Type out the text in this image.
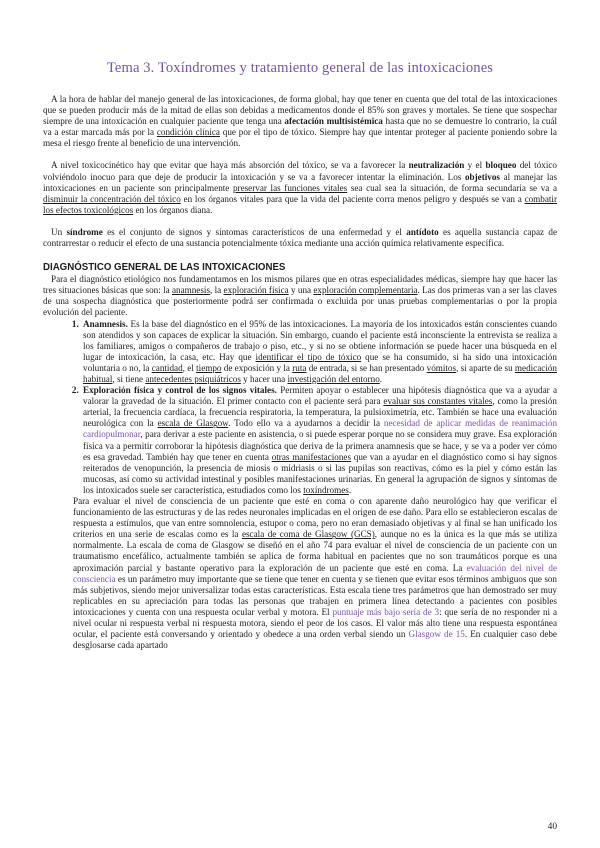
Tema 3. Toxíndromes y tratamiento general de las intoxicaciones

A la hora de hablar del manejo general de las intoxicaciones, de forma global, hay que tener en cuenta que del total de las intoxicaciones que se pueden producir más de la mitad de ellas son debidas a medicamentos donde el 85% son graves y mortales. Se tiene que sospechar siempre de una intoxicación en cualquier paciente que tenga una afectación multisistémica hasta que no se demuestre lo contrario, la cuál va a estar marcada más por la condición clínica que por el tipo de tóxico. Siempre hay que intentar proteger al paciente poniendo sobre la mesa el riesgo frente al beneficio de una intervención.

A nivel toxicocinético hay que evitar que haya más absorción del tóxico, se va a favorecer la neutralización y el bloqueo del tóxico volviéndolo inocuo para que deje de producir la intoxicación y se va a favorecer intentar la eliminación. Los objetivos al manejar las intoxicaciones en un paciente son principalmente preservar las funciones vitales sea cual sea la situación, de forma secundaria se va a disminuir la concentración del tóxico en los órganos vitales para que la vida del paciente corra menos peligro y después se van a combatir los efectos toxicológicos en los órganos diana.

Un síndrome es el conjunto de signos y síntomas característicos de una enfermedad y el antídoto es aquella sustancia capaz de contrarrestar o reducir el efecto de una sustancia potencialmente tóxica mediante una acción química relativamente específica.

DIAGNÓSTICO GENERAL DE LAS INTOXICACIONES

Para el diagnóstico etiológico nos fundamentamos en los mismos pilares que en otras especialidades médicas, siempre hay que hacer las tres situaciones básicas que son: la anamnesis, la exploración física y una exploración complementaria. Las dos primeras van a ser las claves de una sospecha diagnóstica que posteriormente podrá ser confirmada o excluida por unas pruebas complementarias o por la propia evolución del paciente.

1. Anamnesis. Es la base del diagnóstico en el 95% de las intoxicaciones. La mayoría de los intoxicados están conscientes cuando son atendidos y son capaces de explicar la situación. Sin embargo, cuando el paciente está inconsciente la entrevista se realiza a los familiares, amigos o compañeros de trabajo o piso, etc., y si no se obtiene información se puede hacer una búsqueda en el lugar de intoxicación, la casa, etc. Hay que identificar el tipo de tóxico que se ha consumido, si ha sido una intoxicación voluntaria o no, la cantidad, el tiempo de exposición y la ruta de entrada, si se han presentado vómitos, si aparte de su medicación habitual, si tiene antecedentes psiquiátricos y hacer una investigación del entorno.
2. Exploración física y control de los signos vitales. Permiten apoyar o establecer una hipótesis diagnóstica que va a ayudar a valorar la gravedad de la situación. El primer contacto con el paciente será para evaluar sus constantes vitales, como la presión arterial, la frecuencia cardíaca, la frecuencia respiratoria, la temperatura, la pulsioximetría, etc. También se hace una evaluación neurológica con la escala de Glasgow. Todo ello va a ayudarnos a decidir la necesidad de aplicar medidas de reanimación cardiopulmonar, para derivar a este paciente en asistencia, o si puede esperar porque no se considera muy grave. Esa exploración física va a permitir corroborar la hipótesis diagnóstica que deriva de la primera anamnesis que se hace, y se va a poder ver cómo es esa gravedad. También hay que tener en cuenta otras manifestaciones que van a ayudar en el diagnóstico como si hay signos reiterados de venopunción, la presencia de miosis o midriasis o si las pupilas son reactivas, cómo es la piel y cómo están las mucosas, así como su actividad intestinal y posibles manifestaciones urinarias. En general la agrupación de signos y síntomas de los intoxicados suele ser característica, estudiados como los toxíndromes.

Para evaluar el nivel de consciencia de un paciente que esté en coma o con aparente daño neurológico hay que verificar el funcionamiento de las estructuras y de las redes neuronales implicadas en el origen de ese daño. Para ello se establecieron escalas de respuesta a estímulos, que van entre somnolencia, estupor o coma, pero no eran demasiado objetivas y al final se han unificado los criterios en una serie de escalas como es la escala de coma de Glasgow (GCS), aunque no es la única es la que más se utiliza normalmente. La escala de coma de Glasgow se diseñó en el año 74 para evaluar el nivel de consciencia de un paciente con un traumatismo encefálico, actualmente también se aplica de forma habitual en pacientes que no son traumáticos porque es una aproximación parcial y bastante operativo para la exploración de un paciente que esté en coma. La evaluación del nivel de consciencia es un parámetro muy importante que se tiene que tener en cuenta y se tienen que evitar esos términos ambiguos que son más subjetivos, siendo mejor universalizar todas estas características. Esta escala tiene tres parámetros que han demostrado ser muy replicables en su apreciación para todas las personas que trabajen en primera línea detectando a pacientes con posibles intoxicaciones y cuenta con una respuesta ocular verbal y motora. El puntuaje más bajo sería de 3: que sería de no responder ni a nivel ocular ni respuesta verbal ni respuesta motora, siendo el peor de los casos. El valor más alto tiene una respuesta espontánea ocular, el paciente está conversando y orientado y obedece a una orden verbal siendo un Glasgow de 15. En cualquier caso debe desglosarse cada apartado

40
